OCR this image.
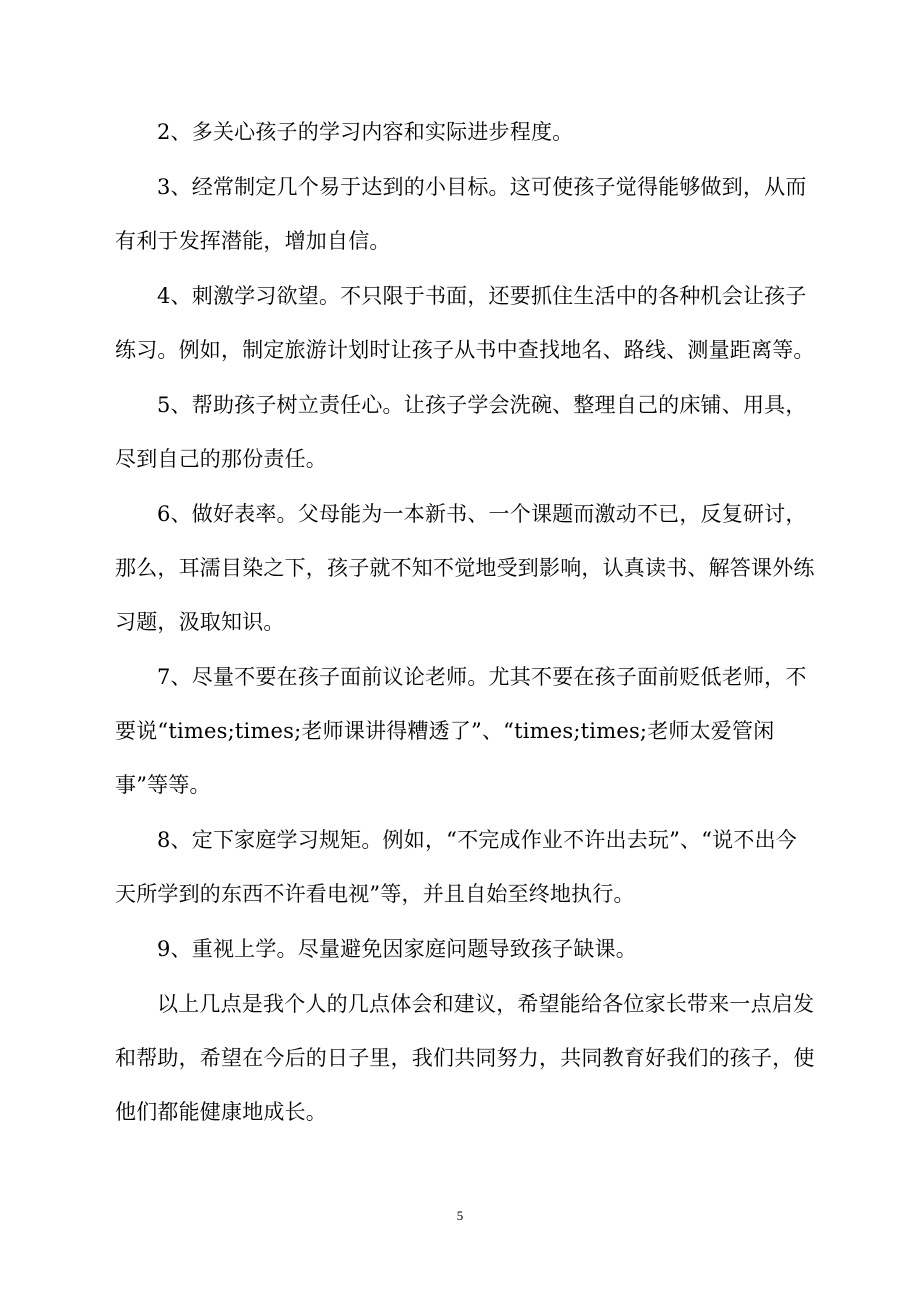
2、多关心孩子的学习内容和实际进步程度。

3、经常制定几个易于达到的小目标。这可使孩子觉得能够做到，从而有利于发挥潜能，增加自信。

4、刺激学习欲望。不只限于书面，还要抓住生活中的各种机会让孩子练习。例如，制定旅游计划时让孩子从书中查找地名、路线、测量距离等。

5、帮助孩子树立责任心。让孩子学会洗碗、整理自己的床铺、用具，尽到自己的那份责任。

6、做好表率。父母能为一本新书、一个课题而激动不已，反复研讨，那么，耳濡目染之下，孩子就不知不觉地受到影响，认真读书、解答课外练习题，汲取知识。

7、尽量不要在孩子面前议论老师。尤其不要在孩子面前贬低老师，不要说“times;times;老师课讲得糟透了”、“times;times;老师太爱管闲事”等等。

8、定下家庭学习规矩。例如，“不完成作业不许出去玩”、“说不出今天所学到的东西不许看电视”等，并且自始至终地执行。

9、重视上学。尽量避免因家庭问题导致孩子缺课。

以上几点是我个人的几点体会和建议，希望能给各位家长带来一点启发和帮助，希望在今后的日子里，我们共同努力，共同教育好我们的孩子，使他们都能健康地成长。

5
